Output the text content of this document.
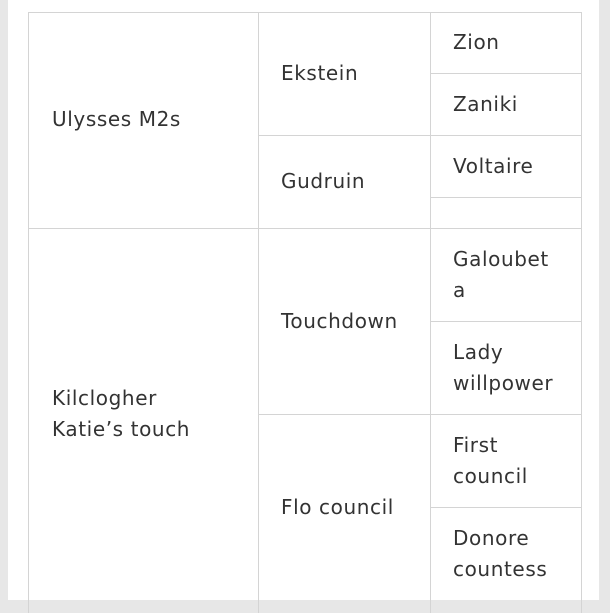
Ulysses M2s
Kilclogher
Katie’s touch
Ekstein
Gudruin
Touchdown
Flo council
Zion
Zaniki
Voltaire
Galoubet
a
Lady
willpower
First
council
Donore
countess
